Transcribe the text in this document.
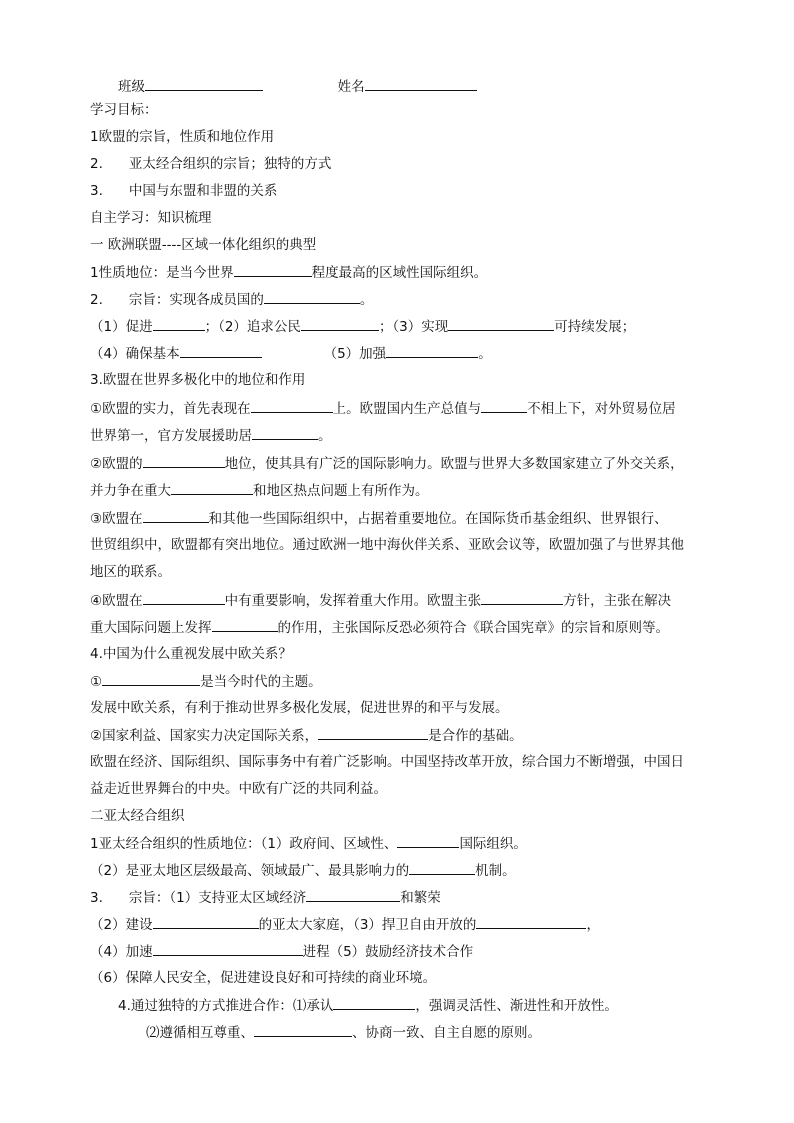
班级	姓名
学习目标：
1欧盟的宗旨，性质和地位作用
2. 亚太经合组织的宗旨；独特的方式
3. 中国与东盟和非盟的关系
自主学习：知识梳理
一 欧洲联盟----区域一体化组织的典型
1性质地位：是当今世界	程度最高的区域性国际组织。
2. 宗旨：实现各成员国的	。
（1）促进	；（2）追求公民	；（3）实现	可持续发展；
（4）确保基本	（5）加强	。
3.欧盟在世界多极化中的地位和作用
①欧盟的实力，首先表现在	上。欧盟国内生产总值与	不相上下，对外贸易位居
世界第一，官方发展援助居	。
②欧盟的	地位，使其具有广泛的国际影响力。欧盟与世界大多数国家建立了外交关系，
并力争在重大	和地区热点问题上有所作为。
③欧盟在	和其他一些国际组织中，占据着重要地位。在国际货币基金组织、世界银行、
世贸组织中，欧盟都有突出地位。通过欧洲一地中海伙伴关系、亚欧会议等，欧盟加强了与世界其他
地区的联系。
④欧盟在	中有重要影响，发挥着重大作用。欧盟主张	方针，主张在解决
重大国际问题上发挥	的作用，主张国际反恐必须符合《联合国宪章》的宗旨和原则等。
4.中国为什么重视发展中欧关系？
①	是当今时代的主题。
发展中欧关系，有利于推动世界多极化发展，促进世界的和平与发展。
②国家利益、国家实力决定国际关系，	是合作的基础。
欧盟在经济、国际组织、国际事务中有着广泛影响。中国坚持改革开放，综合国力不断增强，中国日
益走近世界舞台的中央。中欧有广泛的共同利益。
二亚太经合组织
1亚太经合组织的性质地位：（1）政府间、区域性、	国际组织。
（2）是亚太地区层级最高、领域最广、最具影响力的	机制。
3. 宗旨：（1）支持亚太区域经济	和繁荣
（2）建设	的亚太大家庭，（3）捍卫自由开放的	，
（4）加速	进程（5）鼓励经济技术合作
（6）保障人民安全，促进建设良好和可持续的商业环境。
4.通过独特的方式推进合作：⑴承认	，强调灵活性、渐进性和开放性。
⑵遵循相互尊重、	、协商一致、自主自愿的原则。
